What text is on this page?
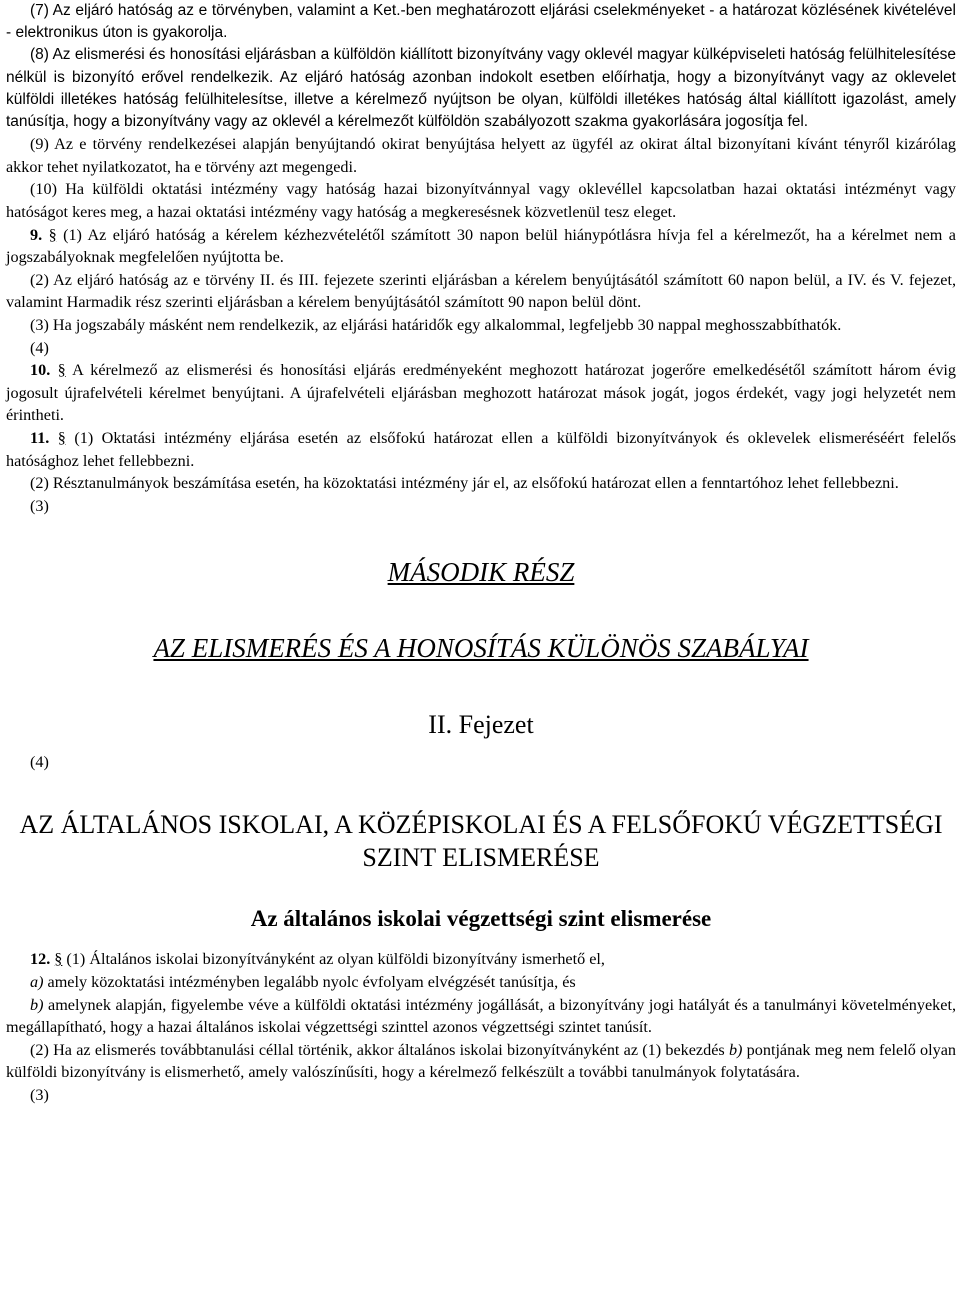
(7) Az eljáró hatóság az e törvényben, valamint a Ket.-ben meghatározott eljárási cselekményeket - a határozat közlésének kivételével - elektronikus úton is gyakorolja.

(8) Az elismerési és honosítási eljárásban a külföldön kiállított bizonyítvány vagy oklevél magyar külképviseleti hatóság felülhitelesítése nélkül is bizonyító erővel rendelkezik. Az eljáró hatóság azonban indokolt esetben előírhatja, hogy a bizonyítványt vagy az oklevelet külföldi illetékes hatóság felülhitelesítse, illetve a kérelmező nyújtson be olyan, külföldi illetékes hatóság által kiállított igazolást, amely tanúsítja, hogy a bizonyítvány vagy az oklevél a kérelmezőt külföldön szabályozott szakma gyakorlására jogosítja fel.

(9) Az e törvény rendelkezései alapján benyújtandó okirat benyújtása helyett az ügyfél az okirat által bizonyítani kívánt tényről kizárólag akkor tehet nyilatkozatot, ha e törvény azt megengedi.

(10) Ha külföldi oktatási intézmény vagy hatóság hazai bizonyítvánnyal vagy oklevéllel kapcsolatban hazai oktatási intézményt vagy hatóságot keres meg, a hazai oktatási intézmény vagy hatóság a megkeresésnek közvetlenül tesz eleget.

9. § (1) Az eljáró hatóság a kérelem kézhezvételétől számított 30 napon belül hiánypótlásra hívja fel a kérelmezőt, ha a kérelmet nem a jogszabályoknak megfelelően nyújtotta be.

(2) Az eljáró hatóság az e törvény II. és III. fejezete szerinti eljárásban a kérelem benyújtásától számított 60 napon belül, a IV. és V. fejezet, valamint Harmadik rész szerinti eljárásban a kérelem benyújtásától számított 90 napon belül dönt.

(3) Ha jogszabály másként nem rendelkezik, az eljárási határidők egy alkalommal, legfeljebb 30 nappal meghosszabbíthatók.

(4)

10. § A kérelmező az elismerési és honosítási eljárás eredményeként meghozott határozat jogerőre emelkedésétől számított három évig jogosult újrafelvételi kérelmet benyújtani. A újrafelvételi eljárásban meghozott határozat mások jogát, jogos érdekét, vagy jogi helyzetét nem érintheti.

11. § (1) Oktatási intézmény eljárása esetén az elsőfokú határozat ellen a külföldi bizonyítványok és oklevelek elismeréséért felelős hatósághoz lehet fellebbezni.

(2) Résztanulmányok beszámítása esetén, ha közoktatási intézmény jár el, az elsőfokú határozat ellen a fenntartóhoz lehet fellebbezni.

(3)

MÁSODIK RÉSZ

AZ ELISMERÉS ÉS A HONOSÍTÁS KÜLÖNÖS SZABÁLYAI

II. Fejezet

(4)

AZ ÁLTALÁNOS ISKOLAI, A KÖZÉPISKOLAI ÉS A FELSŐFOKÚ VÉGZETTSÉGI SZINT ELISMERÉSE

Az általános iskolai végzettségi szint elismerése

12. § (1) Általános iskolai bizonyítványként az olyan külföldi bizonyítvány ismerhető el,

a) amely közoktatási intézményben legalább nyolc évfolyam elvégzését tanúsítja, és

b) amelynek alapján, figyelembe véve a külföldi oktatási intézmény jogállását, a bizonyítvány jogi hatályát és a tanulmányi követelményeket, megállapítható, hogy a hazai általános iskolai végzettségi szinttel azonos végzettségi szintet tanúsít.

(2) Ha az elismerés továbbtanulási céllal történik, akkor általános iskolai bizonyítványként az (1) bekezdés b) pontjának meg nem felelő olyan külföldi bizonyítvány is elismerhető, amely valószínűsíti, hogy a kérelmező felkészült a további tanulmányok folytatására.

(3)
